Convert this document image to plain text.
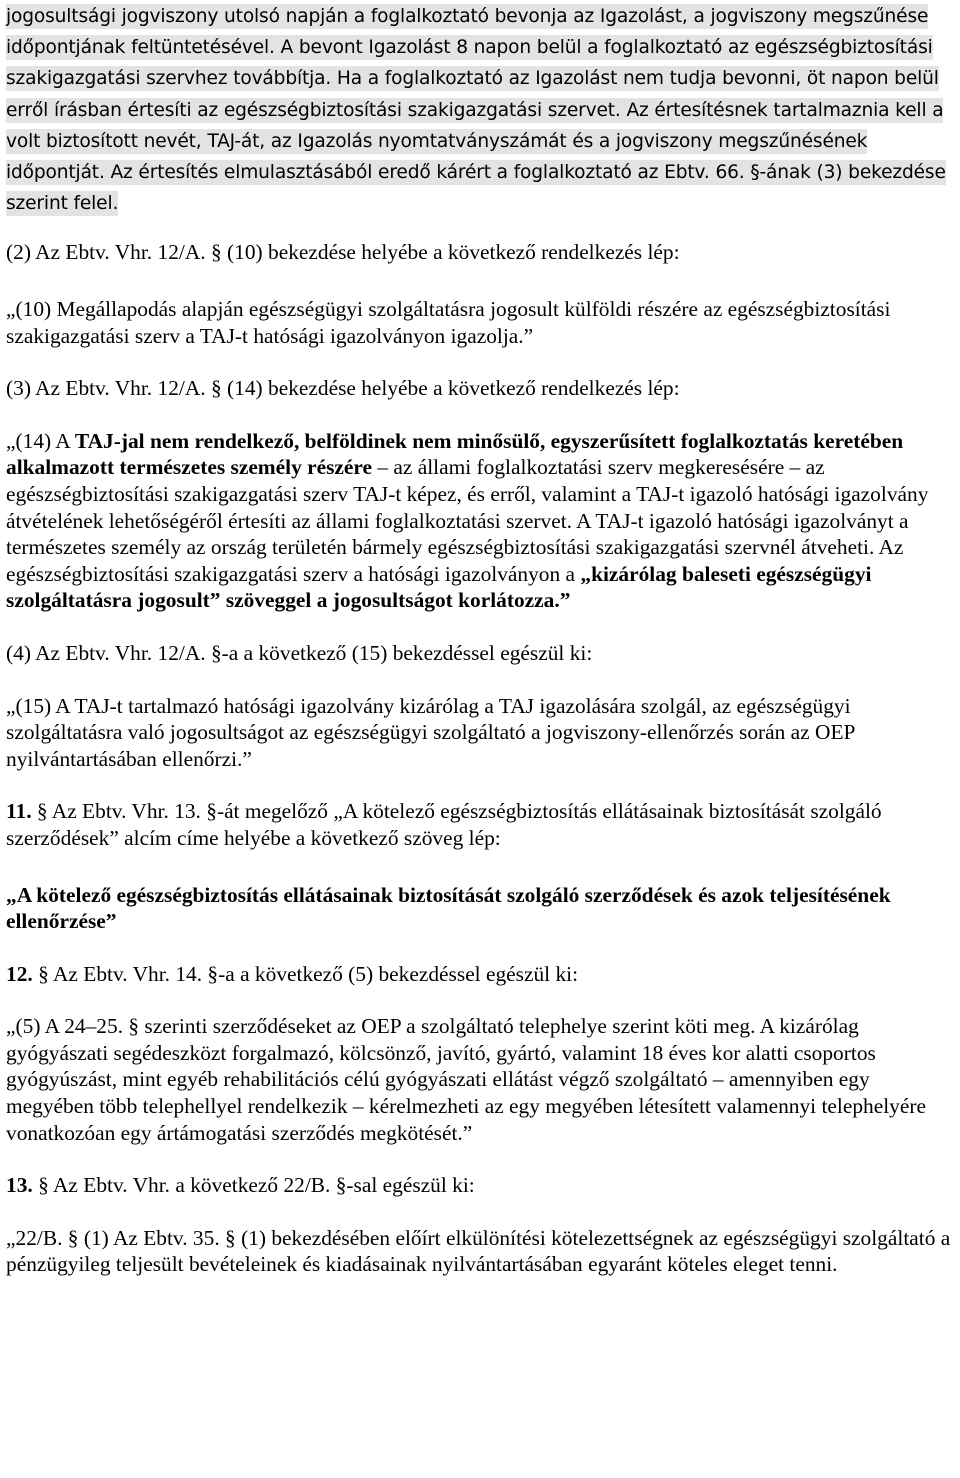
jogosultsági jogviszony utolsó napján a foglalkoztató bevonja az Igazolást, a jogviszony megszűnése időpontjának feltüntetésével. A bevont Igazolást 8 napon belül a foglalkoztató az egészségbiztosítási szakigazgatási szervhez továbbítja. Ha a foglalkoztató az Igazolást nem tudja bevonni, öt napon belül erről írásban értesíti az egészségbiztosítási szakigazgatási szervet. Az értesítésnek tartalmaznia kell a volt biztosított nevét, TAJ-át, az Igazolás nyomtatványszámát és a jogviszony megszűnésének időpontját. Az értesítés elmulasztásából eredő kárért a foglalkoztató az Ebtv. 66. §-ának (3) bekezdése szerint felel.

(2) Az Ebtv. Vhr. 12/A. § (10) bekezdése helyébe a következő rendelkezés lép:

„(10) Megállapodás alapján egészségügyi szolgáltatásra jogosult külföldi részére az egészségbiztosítási szakigazgatási szerv a TAJ-t hatósági igazolványon igazolja.”

(3) Az Ebtv. Vhr. 12/A. § (14) bekezdése helyébe a következő rendelkezés lép:

„(14) A TAJ-jal nem rendelkező, belföldinek nem minősülő, egyszerűsített foglalkoztatás keretében alkalmazott természetes személy részére – az állami foglalkoztatási szerv megkeresésére – az egészségbiztosítási szakigazgatási szerv TAJ-t képez, és erről, valamint a TAJ-t igazoló hatósági igazolvány átvételének lehetőségéről értesíti az állami foglalkoztatási szervet. A TAJ-t igazoló hatósági igazolványt a természetes személy az ország területén bármely egészségbiztosítási szakigazgatási szervnél átveheti. Az egészségbiztosítási szakigazgatási szerv a hatósági igazolványon a „kizárólag baleseti egészségügyi szolgáltatásra jogosult” szöveggel a jogosultságot korlátozza.”

(4) Az Ebtv. Vhr. 12/A. §-a a következő (15) bekezdéssel egészül ki:

„(15) A TAJ-t tartalmazó hatósági igazolvány kizárólag a TAJ igazolására szolgál, az egészségügyi szolgáltatásra való jogosultságot az egészségügyi szolgáltató a jogviszony-ellenőrzés során az OEP nyilvántartásában ellenőrzi.”

11. § Az Ebtv. Vhr. 13. §-át megelőző „A kötelező egészségbiztosítás ellátásainak biztosítását szolgáló szerződések” alcím címe helyébe a következő szöveg lép:

„A kötelező egészségbiztosítás ellátásainak biztosítását szolgáló szerződések és azok teljesítésének ellenőrzése”

12. § Az Ebtv. Vhr. 14. §-a a következő (5) bekezdéssel egészül ki:

„(5) A 24–25. § szerinti szerződéseket az OEP a szolgáltató telephelye szerint köti meg. A kizárólag gyógyászati segédeszközt forgalmazó, kölcsönző, javító, gyártó, valamint 18 éves kor alatti csoportos gyógyúszást, mint egyéb rehabilitációs célú gyógyászati ellátást végző szolgáltató – amennyiben egy megyében több telephellyel rendelkezik – kérelmezheti az egy megyében létesített valamennyi telephelyére vonatkozóan egy ártámogatási szerződés megkötését.”

13. § Az Ebtv. Vhr. a következő 22/B. §-sal egészül ki:

„22/B. § (1) Az Ebtv. 35. § (1) bekezdésében előírt elkülönítési kötelezettségnek az egészségügyi szolgáltató a pénzügyileg teljesült bevételeinek és kiadásainak nyilvántartásában egyaránt köteles eleget tenni.
